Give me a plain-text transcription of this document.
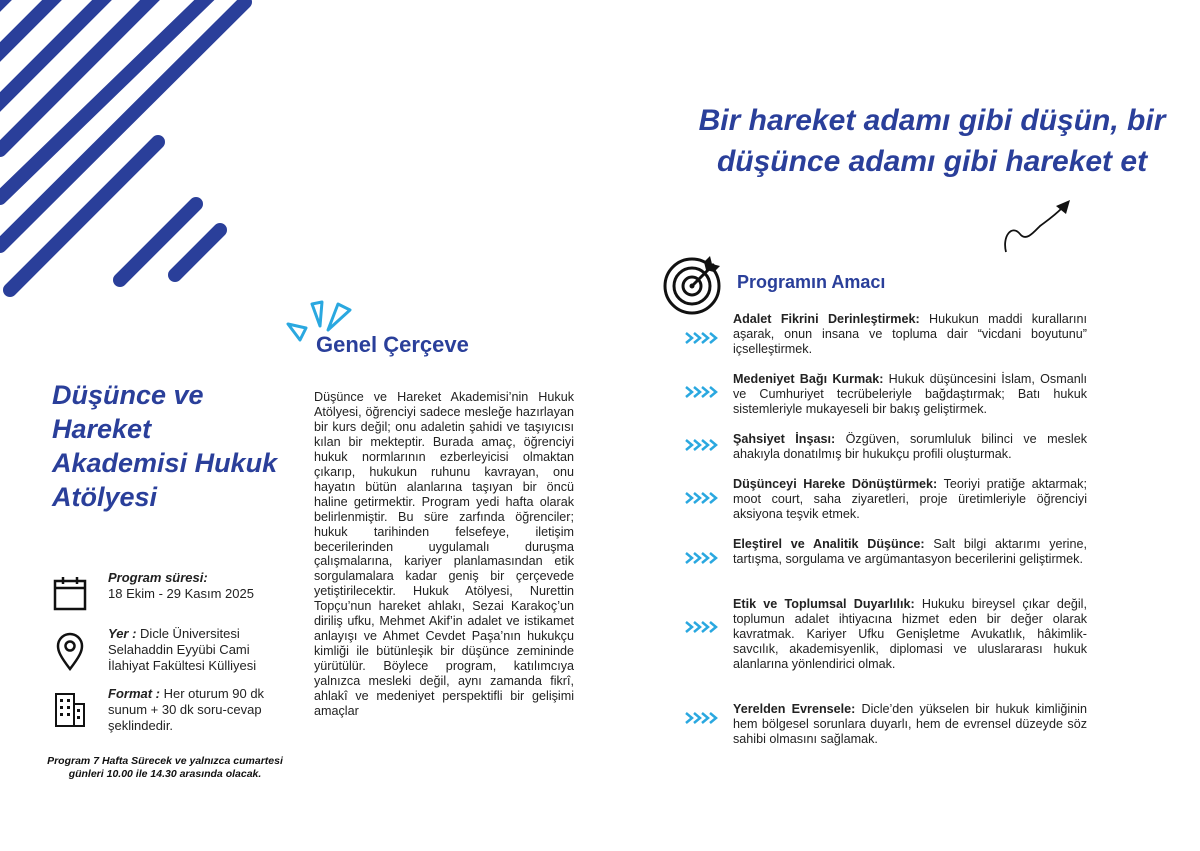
Düşünce ve Hareket Akademisi Hukuk Atölyesi
Program süresi:
18 Ekim - 29 Kasım 2025
Yer : Dicle Üniversitesi Selahaddin Eyyübi Cami İlahiyat Fakültesi Külliyesi
Format : Her oturum 90 dk sunum + 30 dk soru-cevap şeklindedir.
Program 7 Hafta Sürecek ve yalnızca cumartesi günleri 10.00 ile 14.30 arasında olacak.
Genel Çerçeve
Düşünce ve Hareket Akademisi’nin Hukuk Atölyesi, öğrenciyi sadece mesleğe hazırlayan bir kurs değil; onu adaletin şahidi ve taşıyıcısı kılan bir mekteptir. Burada amaç, öğrenciyi hukuk normlarının ezberleyicisi olmaktan çıkarıp, hukukun ruhunu kavrayan, onu hayatın bütün alanlarına taşıyan bir öncü haline getirmektir. Program yedi hafta olarak belirlenmiştir. Bu süre zarfında öğrenciler; hukuk tarihinden felsefeye, iletişim becerilerinden uygulamalı duruşma çalışmalarına, kariyer planlamasından etik sorgulamalara kadar geniş bir çerçevede yetiştirilecektir. Hukuk Atölyesi, Nurettin Topçu’nun hareket ahlakı, Sezai Karakoç’un diriliş ufku, Mehmet Akif’in adalet ve istikamet anlayışı ve Ahmet Cevdet Paşa’nın hukukçu kimliği ile bütünleşik bir düşünce zemininde yürütülür. Böylece program, katılımcıya yalnızca mesleki değil, aynı zamanda fikrî, ahlakî ve medeniyet perspektifli bir gelişimi amaçlar
Bir hareket adamı gibi düşün, bir düşünce adamı gibi hareket et
Programın Amacı
Adalet Fikrini Derinleştirmek: Hukukun maddi kurallarını aşarak, onun insana ve topluma dair “vicdani boyutunu” içselleştirmek.
Medeniyet Bağı Kurmak: Hukuk düşüncesini İslam, Osmanlı ve Cumhuriyet tecrübeleriyle bağdaştırmak; Batı hukuk sistemleriyle mukayeseli bir bakış geliştirmek.
Şahsiyet İnşası: Özgüven, sorumluluk bilinci ve meslek ahakıyla donatılmış bir hukukçu profili oluşturmak.
Düşünceyi Hareke Dönüştürmek: Teoriyi pratiğe aktarmak; moot court, saha ziyaretleri, proje üretimleriyle öğrenciyi aksiyona teşvik etmek.
Eleştirel ve Analitik Düşünce: Salt bilgi aktarımı yerine, tartışma, sorgulama ve argümantasyon becerilerini geliştirmek.
Etik ve Toplumsal Duyarlılık: Hukuku bireysel çıkar değil, toplumun adalet ihtiyacına hizmet eden bir değer olarak kavratmak. Kariyer Ufku Genişletme Avukatlık, hâkimlik-savcılık, akademisyenlik, diplomasi ve uluslararası hukuk alanlarına yönlendirici olmak.
Yerelden Evrensele: Dicle’den yükselen bir hukuk kimliğinin hem bölgesel sorunlara duyarlı, hem de evrensel düzeyde söz sahibi olmasını sağlamak.
